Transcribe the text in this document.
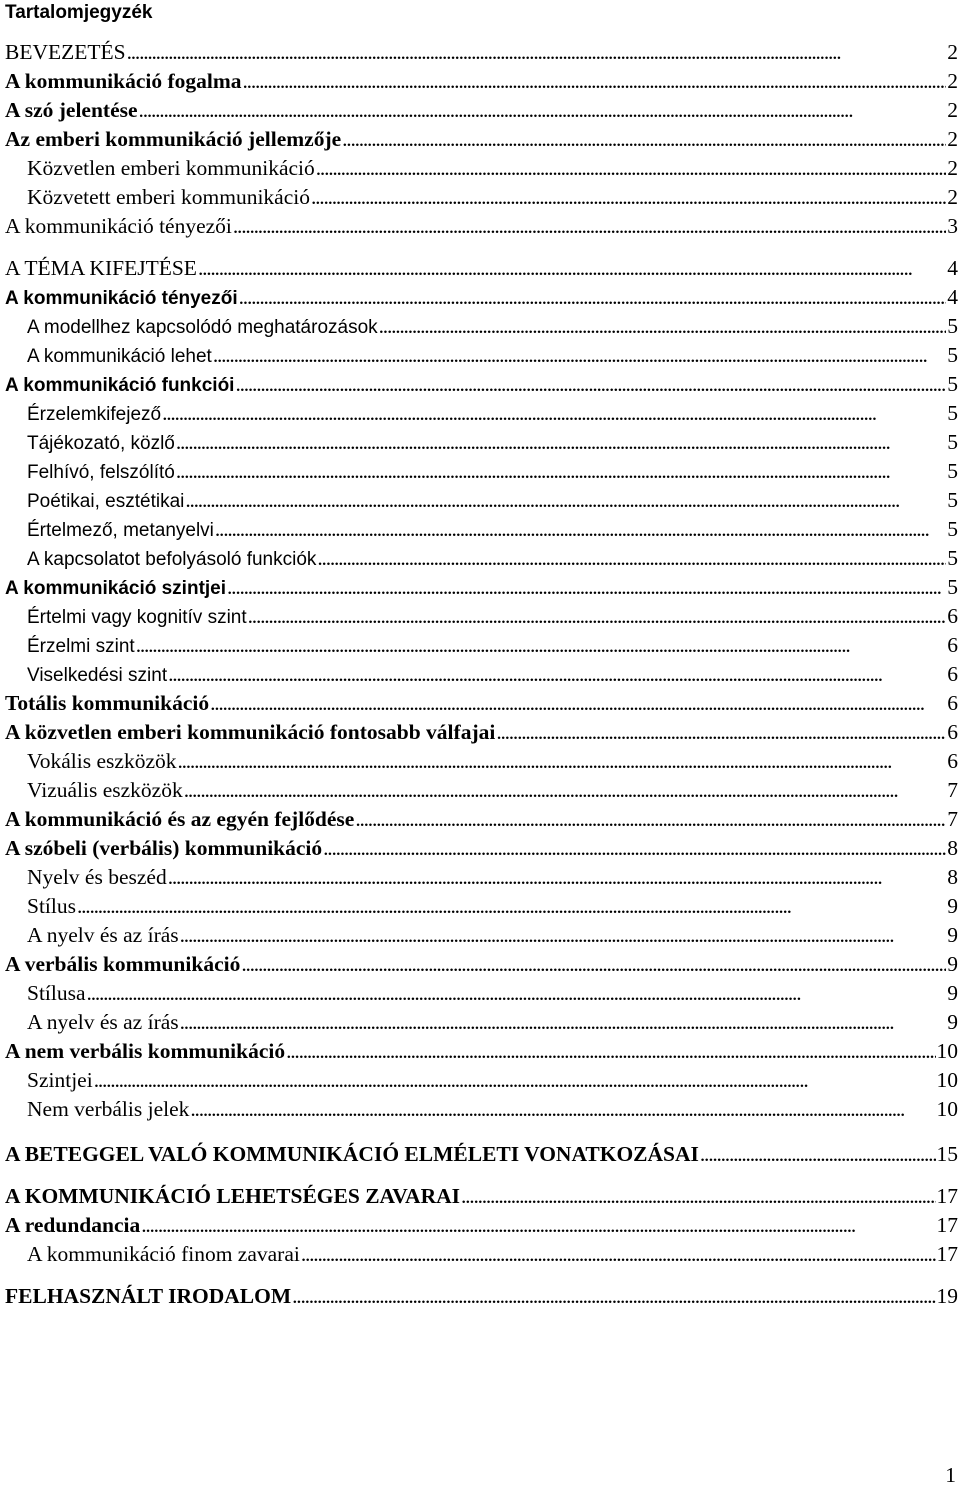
Tartalomjegyzék
BEVEZETÉS . . .	2
A kommunikáció fogalma . . .	2
A szó jelentése . . .	2
Az emberi kommunikáció jellemzője . . .	2
Közvetlen emberi kommunikáció . . .	2
Közvetett emberi kommunikáció . . .	2
A kommunikáció tényezői . . .	3
A TÉMA KIFEJTÉSE . . .	4
A kommunikáció tényezői . . .	4
A modellhez kapcsolódó meghatározások . . .	5
A kommunikáció lehet . . .	5
A kommunikáció funkciói . . .	5
Érzelemkifejező . . .	5
Tájékozató, közlő . . .	5
Felhívó, felszólító . . .	5
Poétikai, esztétikai . . .	5
Értelmező, metanyelvi . . .	5
A kapcsolatot befolyásoló funkciók . . .	5
A kommunikáció szintjei . . .	5
Értelmi vagy kognitív szint . . .	6
Érzelmi szint . . .	6
Viselkedési szint . . .	6
Totális kommunikáció . . .	6
A közvetlen emberi kommunikáció fontosabb válfajai . . .	6
Vokális eszközök . . .	6
Vizuális eszközök . . .	7
A kommunikáció és az egyén fejlődése . . .	7
A szóbeli (verbális) kommunikáció . . .	8
Nyelv és beszéd . . .	8
Stílus . . .	9
A nyelv és az írás . . .	9
A verbális kommunikáció . . .	9
Stílusa . . .	9
A nyelv és az írás . . .	9
A nem verbális kommunikáció . . .	10
Szintjei . . .	10
Nem verbális jelek . . .	10
A BETEGGEL VALÓ KOMMUNIKÁCIÓ ELMÉLETI VONATKOZÁSAI . . .	15
A KOMMUNIKÁCIÓ LEHETSÉGES ZAVARAI . . .	17
A redundancia . . .	17
A kommunikáció finom zavarai . . .	17
FELHASZNÁLT IRODALOM . . .	19
1
